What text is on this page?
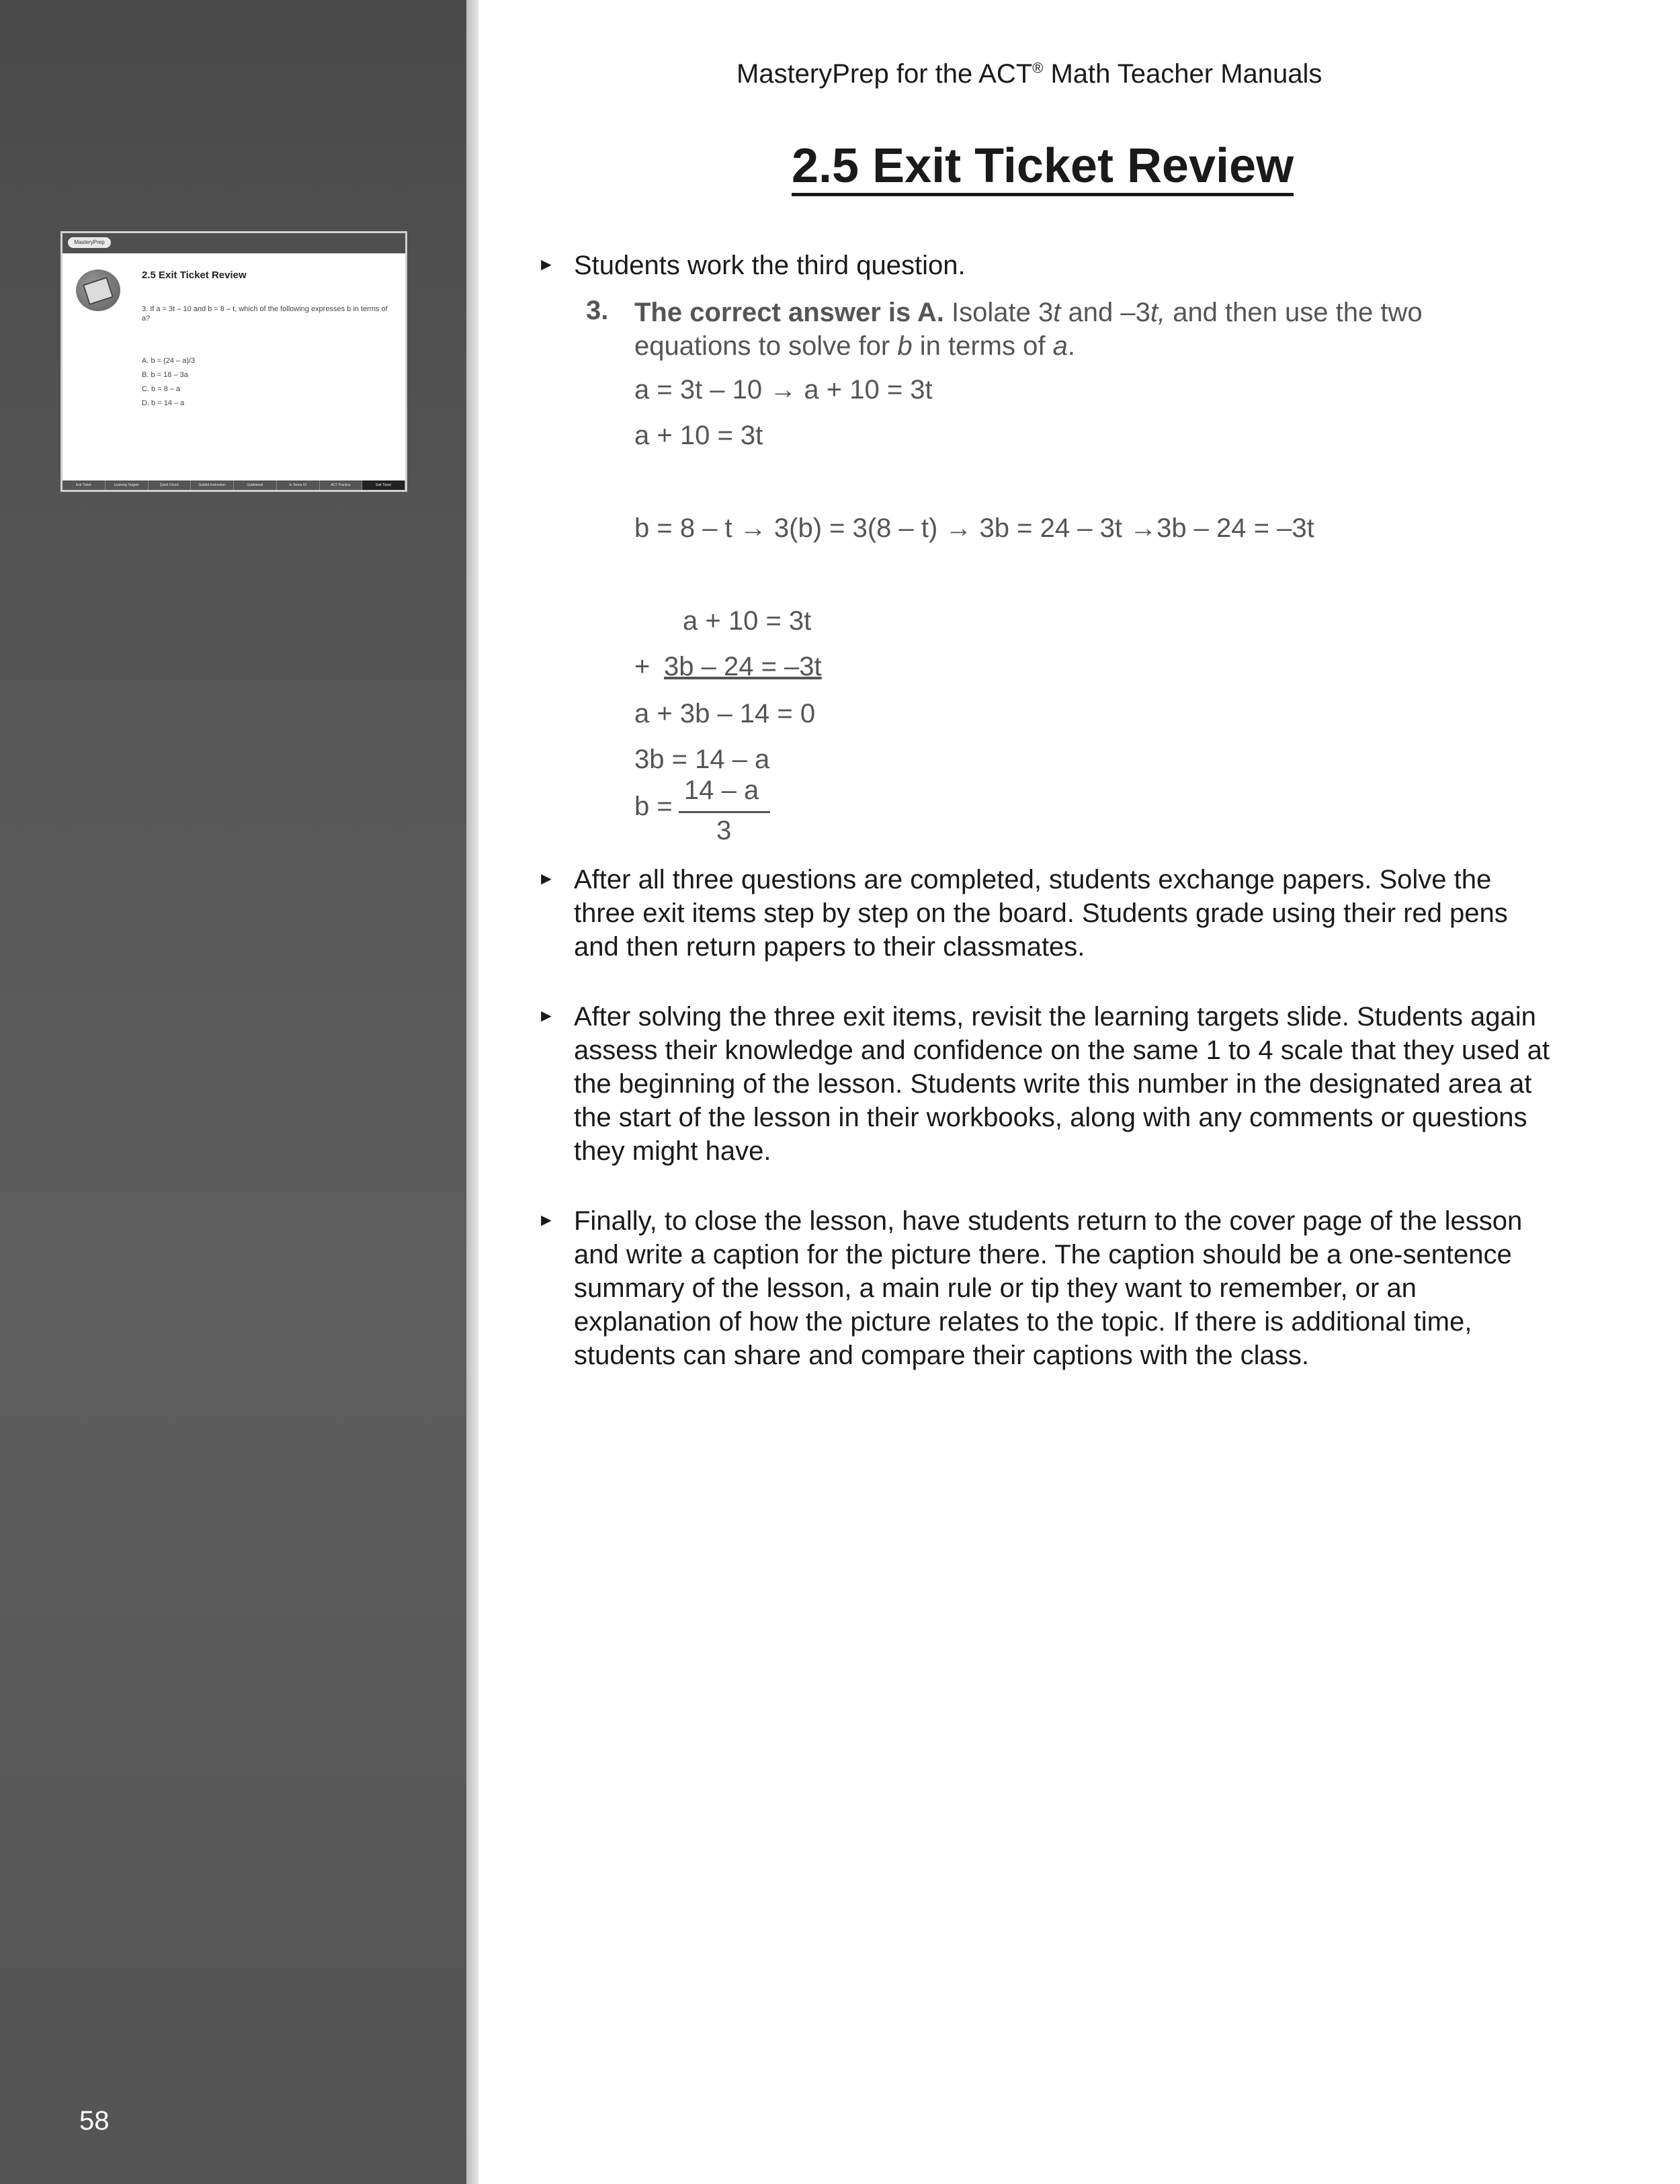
MasteryPrep
2.5 Exit Ticket Review
3. If a = 3t – 10 and b = 8 – t, which of the following expresses b in terms of a?
A. b = (24 – a)/3
B. b = 18 – 3a
C. b = 8 – a
D. b = 14 – a
Exit Ticket	Learning Targets	Quick Check	Guided Instruction	Guidebook	In Terms Of	ACT Practice	Exit Ticket
58
MasteryPrep for the ACT® Math Teacher Manuals
2.5 Exit Ticket Review
► Students work the third question.
3. The correct answer is A. Isolate 3t and –3t, and then use the two equations to solve for b in terms of a.
a = 3t – 10 → a + 10 = 3t
a + 10 = 3t
b = 8 – t → 3(b) = 3(8 – t) → 3b = 24 – 3t →3b – 24 = –3t
a + 10 = 3t
+ 3b – 24 = –3t
a + 3b – 14 = 0
3b = 14 – a
b =
14 – a
3
► After all three questions are completed, students exchange papers. Solve the three exit items step by step on the board. Students grade using their red pens and then return papers to their classmates.
► After solving the three exit items, revisit the learning targets slide. Students again assess their knowledge and confidence on the same 1 to 4 scale that they used at the beginning of the lesson. Students write this number in the designated area at the start of the lesson in their workbooks, along with any comments or questions they might have.
► Finally, to close the lesson, have students return to the cover page of the lesson and write a caption for the picture there. The caption should be a one-sentence summary of the lesson, a main rule or tip they want to remember, or an explanation of how the picture relates to the topic. If there is additional time, students can share and compare their captions with the class.
